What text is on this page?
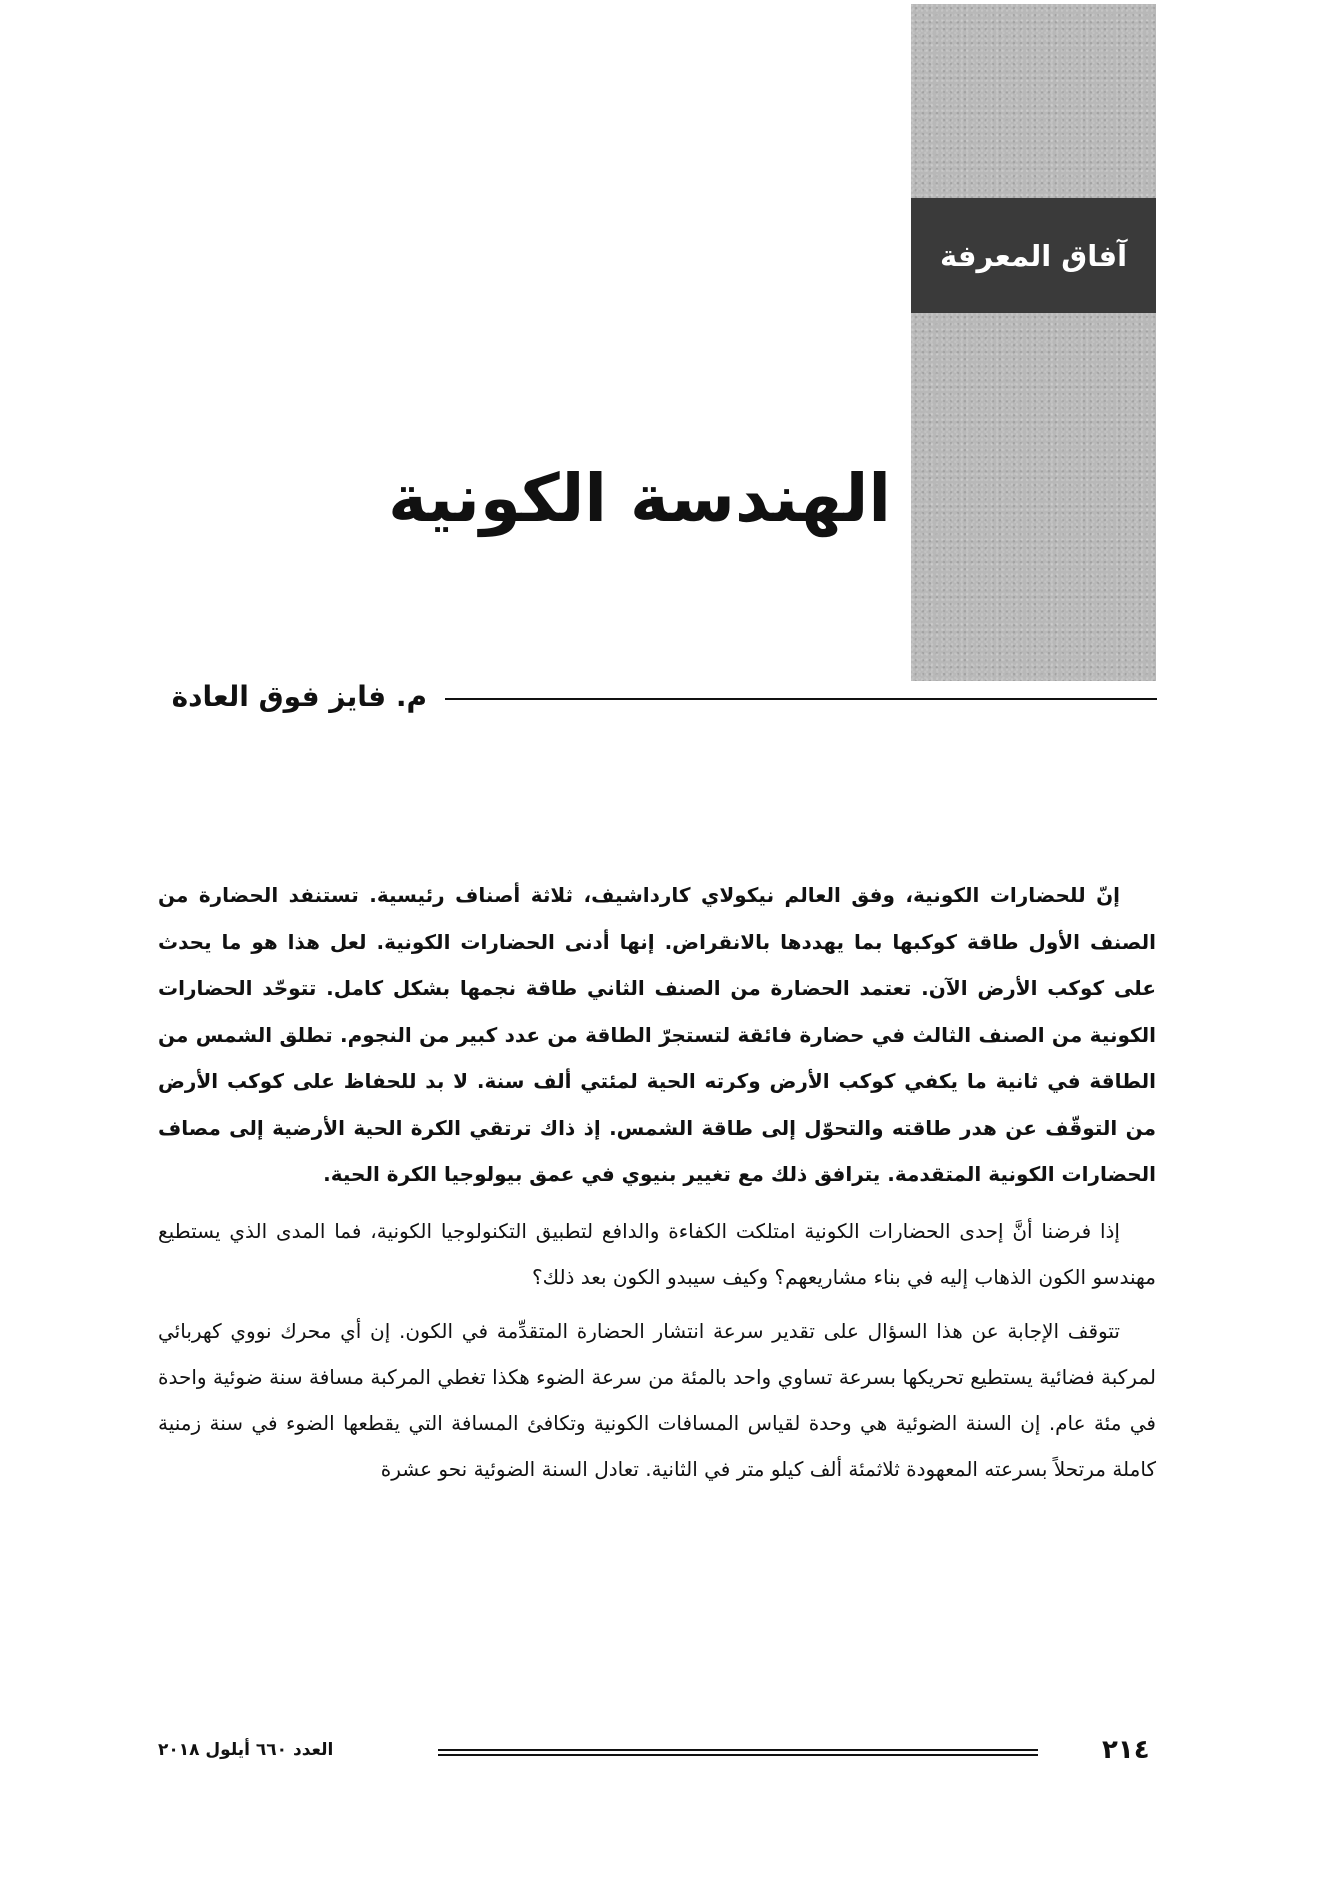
آفاق المعرفة
الهندسة الكونية
م. فايز فوق العادة

إنّ للحضارات الكونية، وفق العالم نيكولاي كارداشيف، ثلاثة أصناف رئيسية. تستنفد الحضارة من الصنف الأول طاقة كوكبها بما يهددها بالانقراض. إنها أدنى الحضارات الكونية. لعل هذا هو ما يحدث على كوكب الأرض الآن. تعتمد الحضارة من الصنف الثاني طاقة نجمها بشكل كامل. تتوحّد الحضارات الكونية من الصنف الثالث في حضارة فائقة لتستجرّ الطاقة من عدد كبير من النجوم. تطلق الشمس من الطاقة في ثانية ما يكفي كوكب الأرض وكرته الحية لمئتي ألف سنة. لا بد للحفاظ على كوكب الأرض من التوقّف عن هدر طاقته والتحوّل إلى طاقة الشمس. إذ ذاك ترتقي الكرة الحية الأرضية إلى مصاف الحضارات الكونية المتقدمة. يترافق ذلك مع تغيير بنيوي في عمق بيولوجيا الكرة الحية.

إذا فرضنا أنَّ إحدى الحضارات الكونية امتلكت الكفاءة والدافع لتطبيق التكنولوجيا الكونية، فما المدى الذي يستطيع مهندسو الكون الذهاب إليه في بناء مشاريعهم؟ وكيف سيبدو الكون بعد ذلك؟

تتوقف الإجابة عن هذا السؤال على تقدير سرعة انتشار الحضارة المتقدِّمة في الكون. إن أي محرك نووي كهربائي لمركبة فضائية يستطيع تحريكها بسرعة تساوي واحد بالمئة من سرعة الضوء هكذا تغطي المركبة مسافة سنة ضوئية واحدة في مئة عام. إن السنة الضوئية هي وحدة لقياس المسافات الكونية وتكافئ المسافة التي يقطعها الضوء في سنة زمنية كاملة مرتحلاً بسرعته المعهودة ثلاثمئة ألف كيلو متر في الثانية. تعادل السنة الضوئية نحو عشرة

٢١٤
العدد ٦٦٠ أيلول ٢٠١٨
